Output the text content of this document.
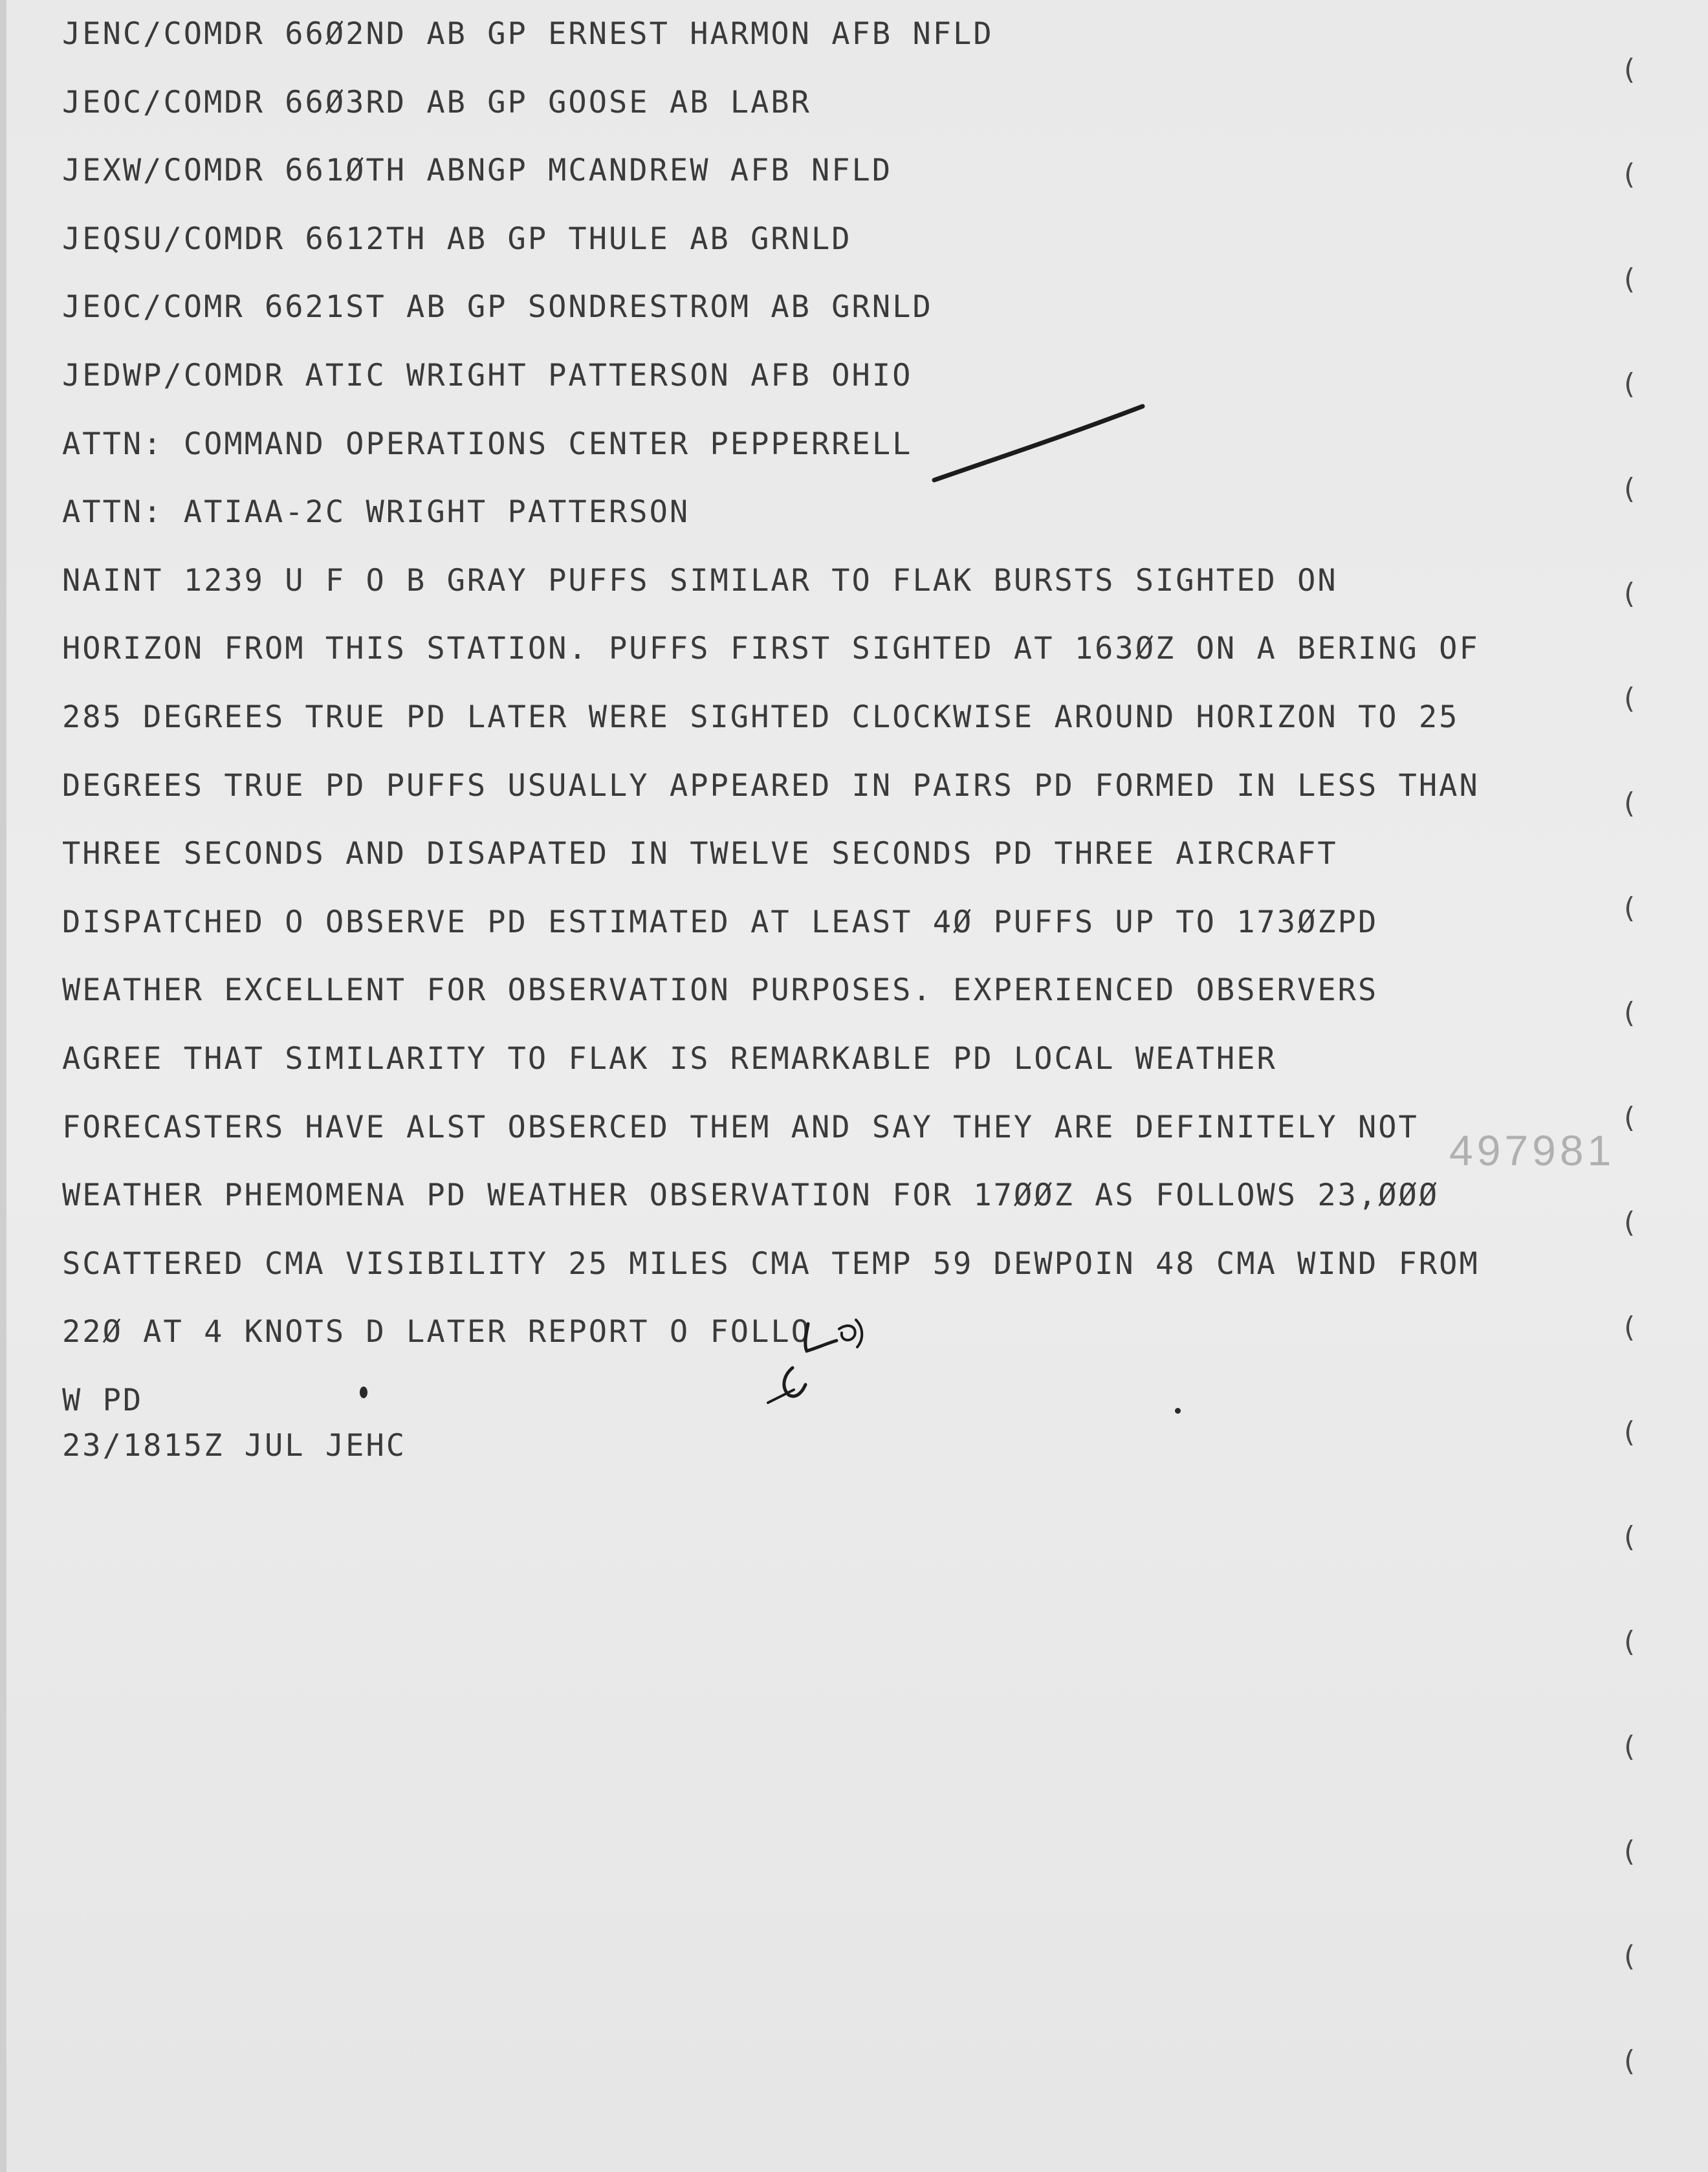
JENC/COMDR 66Ø2ND AB GP ERNEST HARMON AFB NFLD
JEOC/COMDR 66Ø3RD AB GP GOOSE AB LABR
JEXW/COMDR 661ØTH ABNGP MCANDREW AFB NFLD
JEQSU/COMDR 6612TH AB GP THULE AB GRNLD
JEOC/COMR 6621ST AB GP SONDRESTROM AB GRNLD
JEDWP/COMDR ATIC WRIGHT PATTERSON AFB OHIO
ATTN: COMMAND OPERATIONS CENTER PEPPERRELL
ATTN: ATIAA-2C WRIGHT PATTERSON
NAINT 1239 U F O B GRAY PUFFS SIMILAR TO FLAK BURSTS SIGHTED ON
HORIZON FROM THIS STATION. PUFFS FIRST SIGHTED AT 163ØZ ON A BERING OF
285 DEGREES TRUE PD LATER WERE SIGHTED CLOCKWISE AROUND HORIZON TO 25
DEGREES TRUE PD PUFFS USUALLY APPEARED IN PAIRS PD FORMED IN LESS THAN
THREE SECONDS AND DISAPATED IN TWELVE SECONDS PD THREE AIRCRAFT
DISPATCHED O OBSERVE PD ESTIMATED AT LEAST 4Ø PUFFS UP TO 173ØZPD
WEATHER EXCELLENT FOR OBSERVATION PURPOSES. EXPERIENCED OBSERVERS
AGREE THAT SIMILARITY TO FLAK IS REMARKABLE PD LOCAL WEATHER
FORECASTERS HAVE ALST OBSERCED THEM AND SAY THEY ARE DEFINITELY NOT
WEATHER PHEMOMENA PD WEATHER OBSERVATION FOR 17ØØZ AS FOLLOWS 23,ØØØ
SCATTERED CMA VISIBILITY 25 MILES CMA TEMP 59 DEWPOIN 48 CMA WIND FROM
22Ø AT 4 KNOTS D LATER REPORT O FOLLO
W PD
23/1815Z JUL JEHC
497981
(
(
(
(
(
(
(
(
(
(
(
(
(
(
(
(
(
(
(
(
